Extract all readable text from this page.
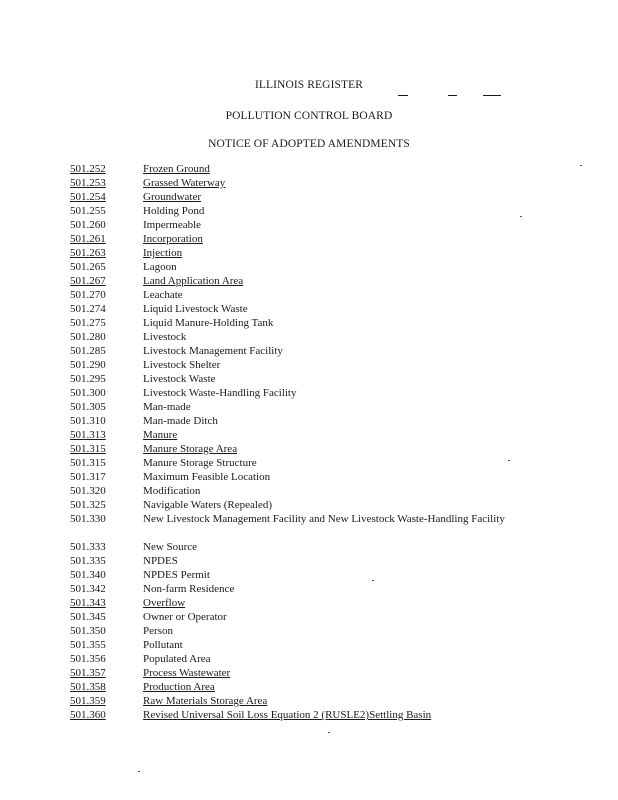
ILLINOIS REGISTER
POLLUTION CONTROL BOARD
NOTICE OF ADOPTED AMENDMENTS
501.252	Frozen Ground
501.253	Grassed Waterway
501.254	Groundwater
501.255	Holding Pond
501.260	Impermeable
501.261	Incorporation
501.263	Injection
501.265	Lagoon
501.267	Land Application Area
501.270	Leachate
501.274	Liquid Livestock Waste
501.275	Liquid Manure-Holding Tank
501.280	Livestock
501.285	Livestock Management Facility
501.290	Livestock Shelter
501.295	Livestock Waste
501.300	Livestock Waste-Handling Facility
501.305	Man-made
501.310	Man-made Ditch
501.313	Manure
501.315	Manure Storage Area
501.315	Manure Storage Structure
501.317	Maximum Feasible Location
501.320	Modification
501.325	Navigable Waters (Repealed)
501.330	New Livestock Management Facility and New Livestock Waste-Handling Facility
501.333	New Source
501.335	NPDES
501.340	NPDES Permit
501.342	Non-farm Residence
501.343	Overflow
501.345	Owner or Operator
501.350	Person
501.355	Pollutant
501.356	Populated Area
501.357	Process Wastewater
501.358	Production Area
501.359	Raw Materials Storage Area
501.360	Revised Universal Soil Loss Equation 2 (RUSLE2)Settling Basin
